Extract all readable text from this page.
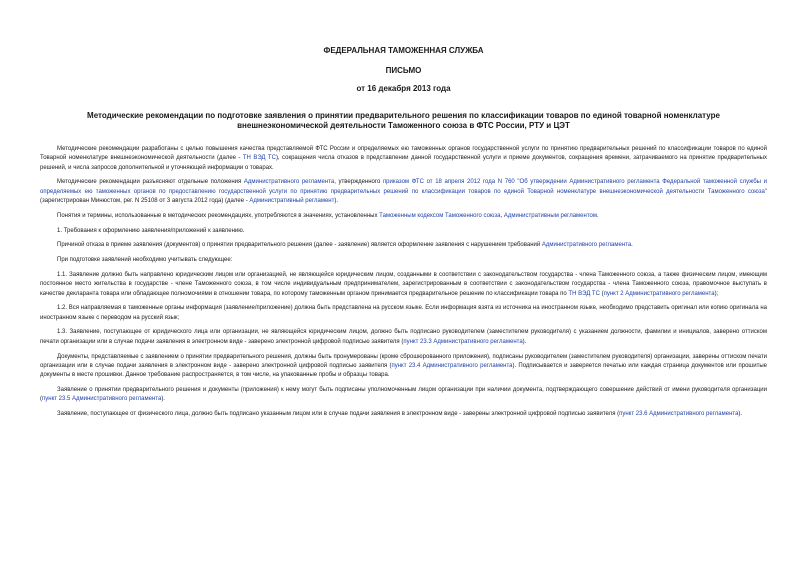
ФЕДЕРАЛЬНАЯ ТАМОЖЕННАЯ СЛУЖБА
ПИСЬМО
от 16 декабря 2013 года
Методические рекомендации по подготовке заявления о принятии предварительного решения по классификации товаров по единой товарной номенклатуре внешнеэкономической деятельности Таможенного союза в ФТС России, РТУ и ЦЭТ

Методические рекомендации разработаны с целью повышения качества представляемой ФТС России и определяемых ею таможенных органов государственной услуги по принятию предварительных решений по классификации товаров по единой Товарной номенклатуре внешнеэкономической деятельности (далее - ТН ВЭД ТС), сокращения числа отказов в представлении данной государственной услуги и приеме документов, сокращения времени, затрачиваемого на принятие предварительных решений, и числа запросов дополнительной и уточняющей информации о товарах.

Методические рекомендации разъясняют отдельные положения Административного регламента, утвержденного приказом ФТС от 18 апреля 2012 года N 760 "Об утверждении Административного регламента Федеральной таможенной службы и определяемых ею таможенных органов по предоставлению государственной услуги по принятию предварительных решений по классификации товаров по единой Товарной номенклатуре внешнеэкономической деятельности Таможенного союза" (зарегистрирован Минюстом, рег. N 25108 от 3 августа 2012 года) (далее - Административный регламент).

Понятия и термины, использованные в методических рекомендациях, употребляются в значениях, установленных Таможенным кодексом Таможенного союза, Административным регламентом.

1. Требования к оформлению заявления/приложений к заявлению.

Причиной отказа в приеме заявления (документов) о принятии предварительного решения (далее - заявление) является оформление заявления с нарушением требований Административного регламента.

При подготовке заявлений необходимо учитывать следующее:

1.1. Заявление должно быть направлено юридическим лицом или организацией, не являющейся юридическим лицом, созданными в соответствии с законодательством государства - члена Таможенного союза, а также физическим лицом, имеющим постоянное место жительства в государстве - члене Таможенного союза, в том числе индивидуальным предпринимателем, зарегистрированным в соответствии с законодательством государства - члена Таможенного союза, правомочное выступать в качестве декларанта товара или обладающее полномочиями в отношении товара, по которому таможенным органом принимается предварительное решение по классификации товара по ТН ВЭД ТС (пункт 2 Административного регламента);

1.2. Вся направляемая в таможенные органы информация (заявление/приложение) должна быть представлена на русском языке. Если информация взята из источника на иностранном языке, необходимо представить оригинал или копию оригинала на иностранном языке с переводом на русский язык;

1.3. Заявление, поступающее от юридического лица или организации, не являющейся юридическим лицом, должно быть подписано руководителем (заместителем руководителя) с указанием должности, фамилии и инициалов, заверено оттиском печати организации или в случае подачи заявления в электронном виде - заверено электронной цифровой подписью заявителя (пункт 23.3 Административного регламента).

Документы, представляемые с заявлением о принятии предварительного решения, должны быть пронумерованы (кроме сброшюрованного приложения), подписаны руководителем (заместителем руководителя) организации, заверены оттиском печати организации или в случае подачи заявления в электронном виде - заверено электронной цифровой подписью заявителя (пункт 23.4 Административного регламента). Подписывается и заверяется печатью или каждая страница документов или прошитые документы в месте прошивки. Данное требование распространяется, в том числе, на упакованные пробы и образцы товара.

Заявление о принятии предварительного решения и документы (приложения) к нему могут быть подписаны уполномоченным лицом организации при наличии документа, подтверждающего совершение действий от имени руководителя организации (пункт 23.5 Административного регламента).

Заявление, поступающее от физического лица, должно быть подписано указанным лицом или в случае подачи заявления в электронном виде - заверены электронной цифровой подписью заявителя (пункт 23.6 Административного регламента).
